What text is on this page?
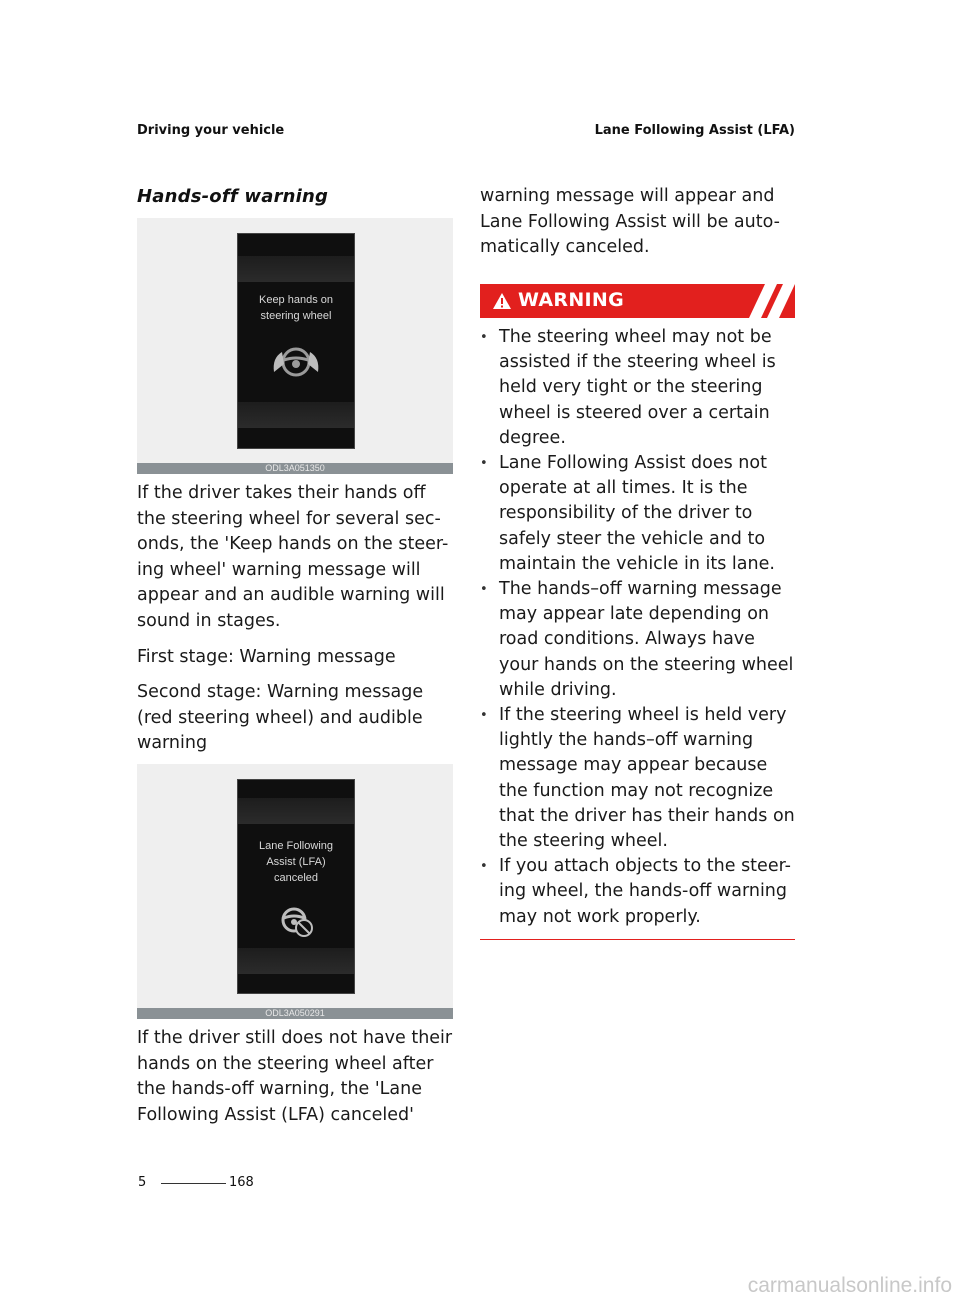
Driving your vehicle	Lane Following Assist (LFA)
Hands-off warning
Keep hands on
steering wheel
ODL3A051350
If the driver takes their hands off the steering wheel for several sec-onds, the 'Keep hands on the steer-ing wheel' warning message will appear and an audible warning will sound in stages.
First stage: Warning message
Second stage: Warning message (red steering wheel) and audible warning
Lane Following
Assist (LFA)
canceled
ODL3A050291
If the driver still does not have their hands on the steering wheel after the hands-off warning, the 'Lane Following Assist (LFA) canceled'
warning message will appear and Lane Following Assist will be auto-matically canceled.
WARNING
• The steering wheel may not be assisted if the steering wheel is held very tight or the steering wheel is steered over a certain degree.
• Lane Following Assist does not operate at all times. It is the responsibility of the driver to safely steer the vehicle and to maintain the vehicle in its lane.
• The hands–off warning message may appear late depending on road conditions. Always have your hands on the steering wheel while driving.
• If the steering wheel is held very lightly the hands–off warning message may appear because the function may not recognize that the driver has their hands on the steering wheel.
• If you attach objects to the steer-ing wheel, the hands-off warning may not work properly.
5	168
carmanualsonline.info
